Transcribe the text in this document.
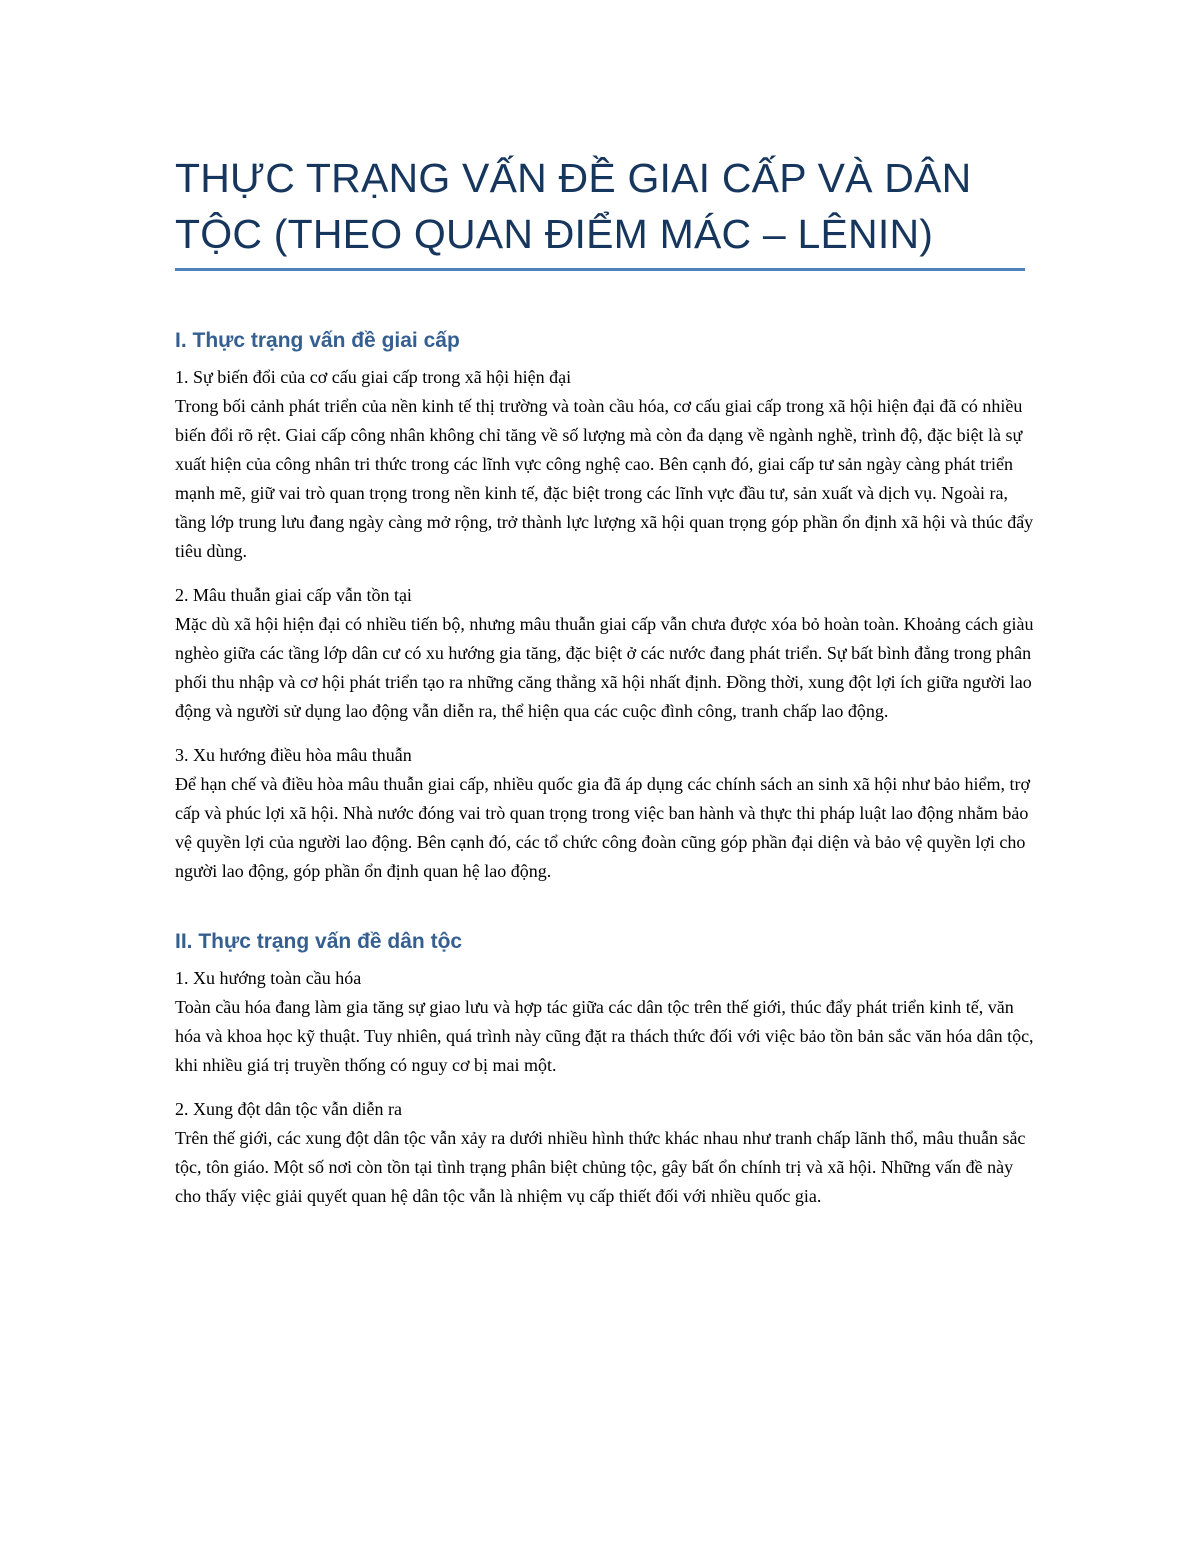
THỰC TRẠNG VẤN ĐỀ GIAI CẤP VÀ DÂN TỘC (THEO QUAN ĐIỂM MÁC – LÊNIN)
I. Thực trạng vấn đề giai cấp
1. Sự biến đổi của cơ cấu giai cấp trong xã hội hiện đại
Trong bối cảnh phát triển của nền kinh tế thị trường và toàn cầu hóa, cơ cấu giai cấp trong xã hội hiện đại đã có nhiều biến đổi rõ rệt. Giai cấp công nhân không chỉ tăng về số lượng mà còn đa dạng về ngành nghề, trình độ, đặc biệt là sự xuất hiện của công nhân tri thức trong các lĩnh vực công nghệ cao. Bên cạnh đó, giai cấp tư sản ngày càng phát triển mạnh mẽ, giữ vai trò quan trọng trong nền kinh tế, đặc biệt trong các lĩnh vực đầu tư, sản xuất và dịch vụ. Ngoài ra, tầng lớp trung lưu đang ngày càng mở rộng, trở thành lực lượng xã hội quan trọng góp phần ổn định xã hội và thúc đẩy tiêu dùng.
2. Mâu thuẫn giai cấp vẫn tồn tại
Mặc dù xã hội hiện đại có nhiều tiến bộ, nhưng mâu thuẫn giai cấp vẫn chưa được xóa bỏ hoàn toàn. Khoảng cách giàu nghèo giữa các tầng lớp dân cư có xu hướng gia tăng, đặc biệt ở các nước đang phát triển. Sự bất bình đẳng trong phân phối thu nhập và cơ hội phát triển tạo ra những căng thẳng xã hội nhất định. Đồng thời, xung đột lợi ích giữa người lao động và người sử dụng lao động vẫn diễn ra, thể hiện qua các cuộc đình công, tranh chấp lao động.
3. Xu hướng điều hòa mâu thuẫn
Để hạn chế và điều hòa mâu thuẫn giai cấp, nhiều quốc gia đã áp dụng các chính sách an sinh xã hội như bảo hiểm, trợ cấp và phúc lợi xã hội. Nhà nước đóng vai trò quan trọng trong việc ban hành và thực thi pháp luật lao động nhằm bảo vệ quyền lợi của người lao động. Bên cạnh đó, các tổ chức công đoàn cũng góp phần đại diện và bảo vệ quyền lợi cho người lao động, góp phần ổn định quan hệ lao động.
II. Thực trạng vấn đề dân tộc
1. Xu hướng toàn cầu hóa
Toàn cầu hóa đang làm gia tăng sự giao lưu và hợp tác giữa các dân tộc trên thế giới, thúc đẩy phát triển kinh tế, văn hóa và khoa học kỹ thuật. Tuy nhiên, quá trình này cũng đặt ra thách thức đối với việc bảo tồn bản sắc văn hóa dân tộc, khi nhiều giá trị truyền thống có nguy cơ bị mai một.
2. Xung đột dân tộc vẫn diễn ra
Trên thế giới, các xung đột dân tộc vẫn xảy ra dưới nhiều hình thức khác nhau như tranh chấp lãnh thổ, mâu thuẫn sắc tộc, tôn giáo. Một số nơi còn tồn tại tình trạng phân biệt chủng tộc, gây bất ổn chính trị và xã hội. Những vấn đề này cho thấy việc giải quyết quan hệ dân tộc vẫn là nhiệm vụ cấp thiết đối với nhiều quốc gia.
